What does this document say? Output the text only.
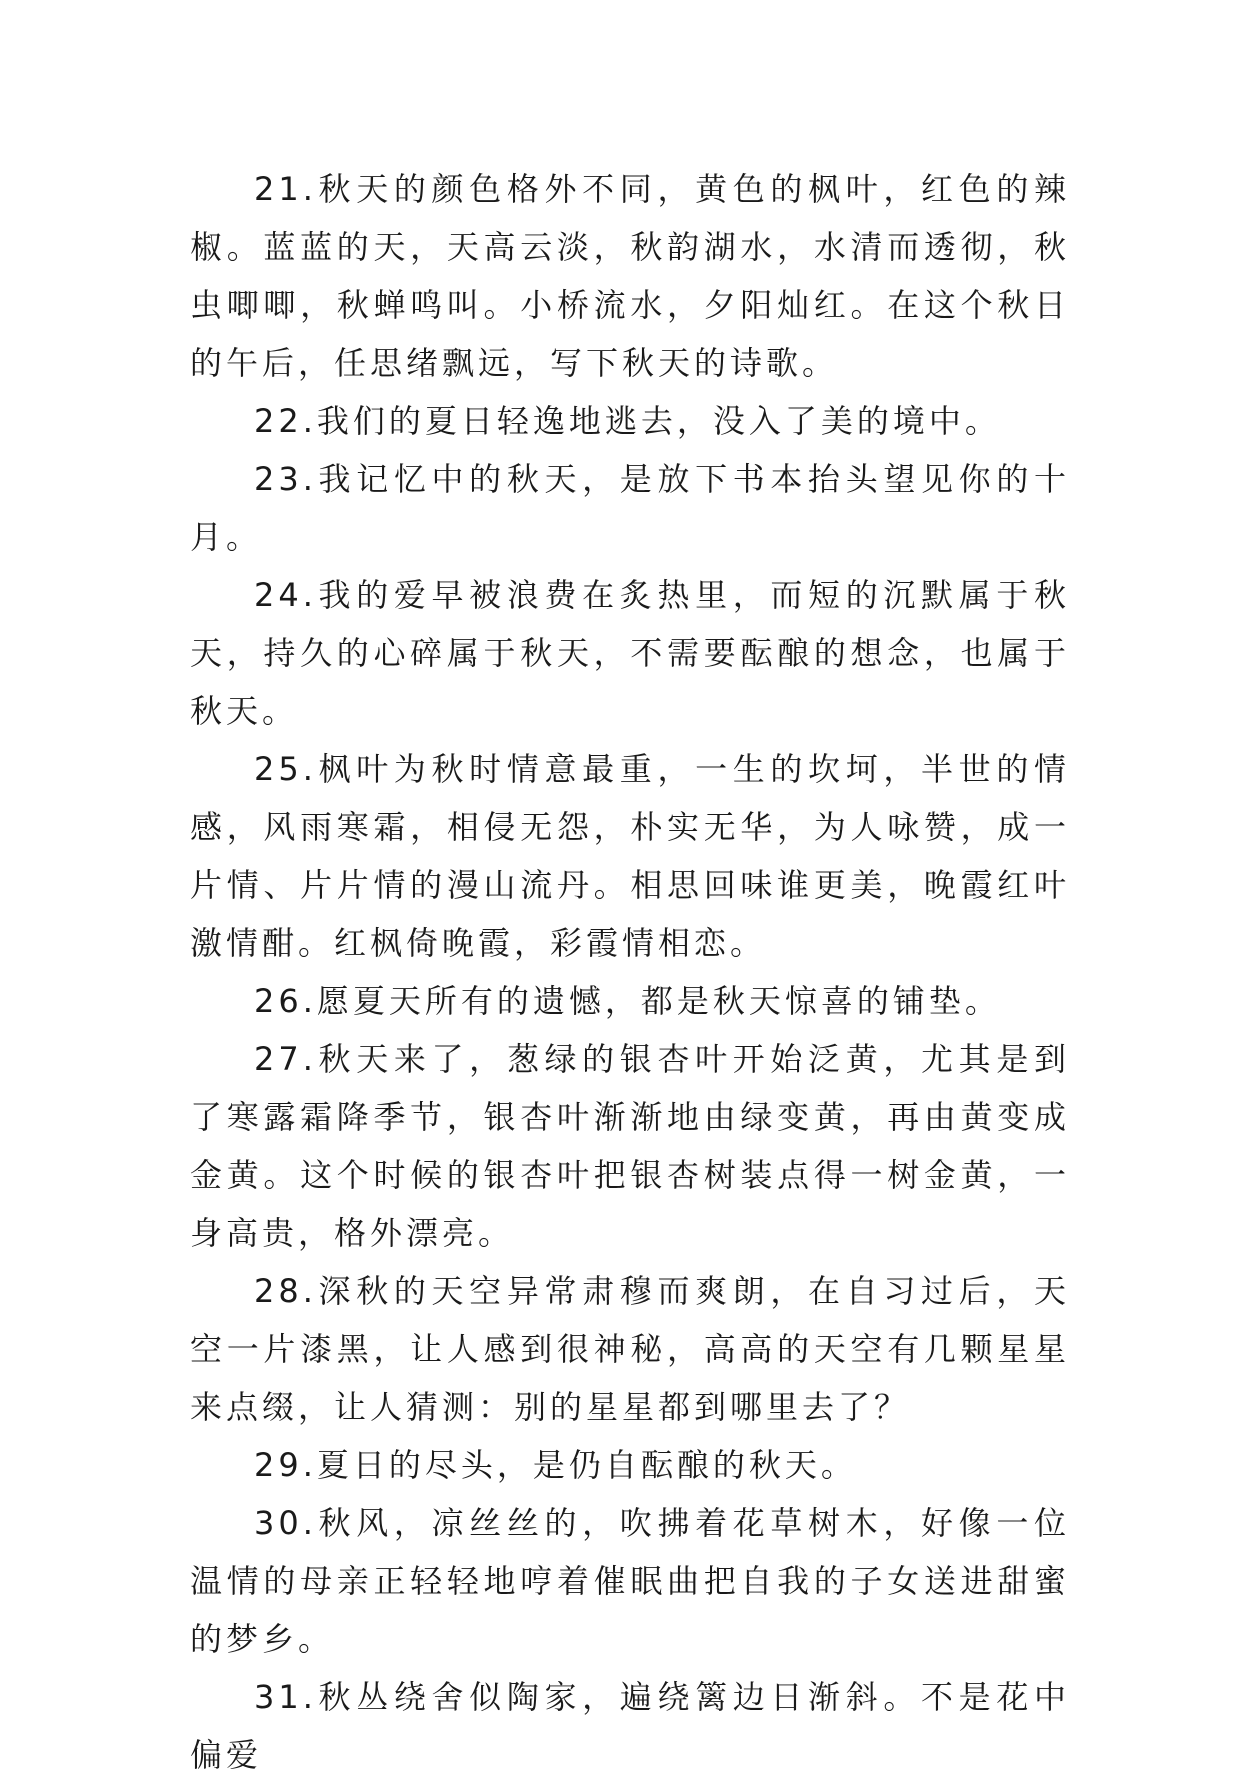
21.秋天的颜色格外不同，黄色的枫叶，红色的辣椒。蓝蓝的天，天高云淡，秋韵湖水，水清而透彻，秋虫唧唧，秋蝉鸣叫。小桥流水，夕阳灿红。在这个秋日的午后，任思绪飘远，写下秋天的诗歌。

22.我们的夏日轻逸地逃去，没入了美的境中。

23.我记忆中的秋天，是放下书本抬头望见你的十月。

24.我的爱早被浪费在炙热里，而短的沉默属于秋天，持久的心碎属于秋天，不需要酝酿的想念，也属于秋天。

25.枫叶为秋时情意最重，一生的坎坷，半世的情感，风雨寒霜，相侵无怨，朴实无华，为人咏赞，成一片情、片片情的漫山流丹。相思回味谁更美，晚霞红叶激情酣。红枫倚晚霞，彩霞情相恋。

26.愿夏天所有的遗憾，都是秋天惊喜的铺垫。

27.秋天来了，葱绿的银杏叶开始泛黄，尤其是到了寒露霜降季节，银杏叶渐渐地由绿变黄，再由黄变成金黄。这个时候的银杏叶把银杏树装点得一树金黄，一身高贵，格外漂亮。

28.深秋的天空异常肃穆而爽朗，在自习过后，天空一片漆黑，让人感到很神秘，高高的天空有几颗星星来点缀，让人猜测：别的星星都到哪里去了？

29.夏日的尽头，是仍自酝酿的秋天。

30.秋风，凉丝丝的，吹拂着花草树木，好像一位温情的母亲正轻轻地哼着催眠曲把自我的子女送进甜蜜的梦乡。

31.秋丛绕舍似陶家，遍绕篱边日渐斜。不是花中偏爱
